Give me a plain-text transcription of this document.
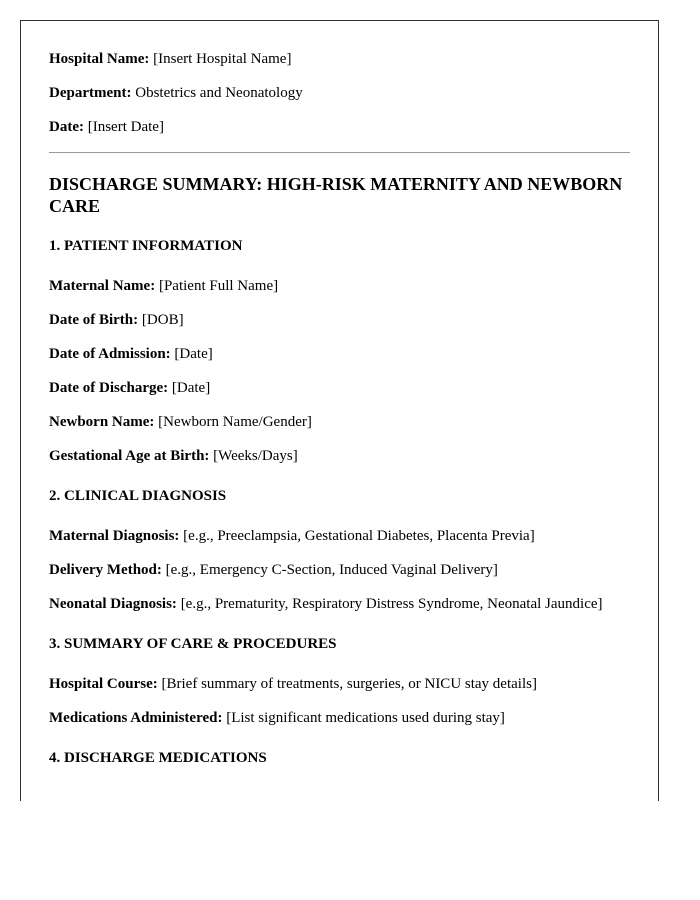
Hospital Name: [Insert Hospital Name]

Department: Obstetrics and Neonatology

Date: [Insert Date]

DISCHARGE SUMMARY: HIGH-RISK MATERNITY AND NEWBORN CARE
1. PATIENT INFORMATION

Maternal Name: [Patient Full Name]

Date of Birth: [DOB]

Date of Admission: [Date]

Date of Discharge: [Date]

Newborn Name: [Newborn Name/Gender]

Gestational Age at Birth: [Weeks/Days]

2. CLINICAL DIAGNOSIS

Maternal Diagnosis: [e.g., Preeclampsia, Gestational Diabetes, Placenta Previa]

Delivery Method: [e.g., Emergency C-Section, Induced Vaginal Delivery]

Neonatal Diagnosis: [e.g., Prematurity, Respiratory Distress Syndrome, Neonatal Jaundice]

3. SUMMARY OF CARE & PROCEDURES

Hospital Course: [Brief summary of treatments, surgeries, or NICU stay details]

Medications Administered: [List significant medications used during stay]

4. DISCHARGE MEDICATIONS
